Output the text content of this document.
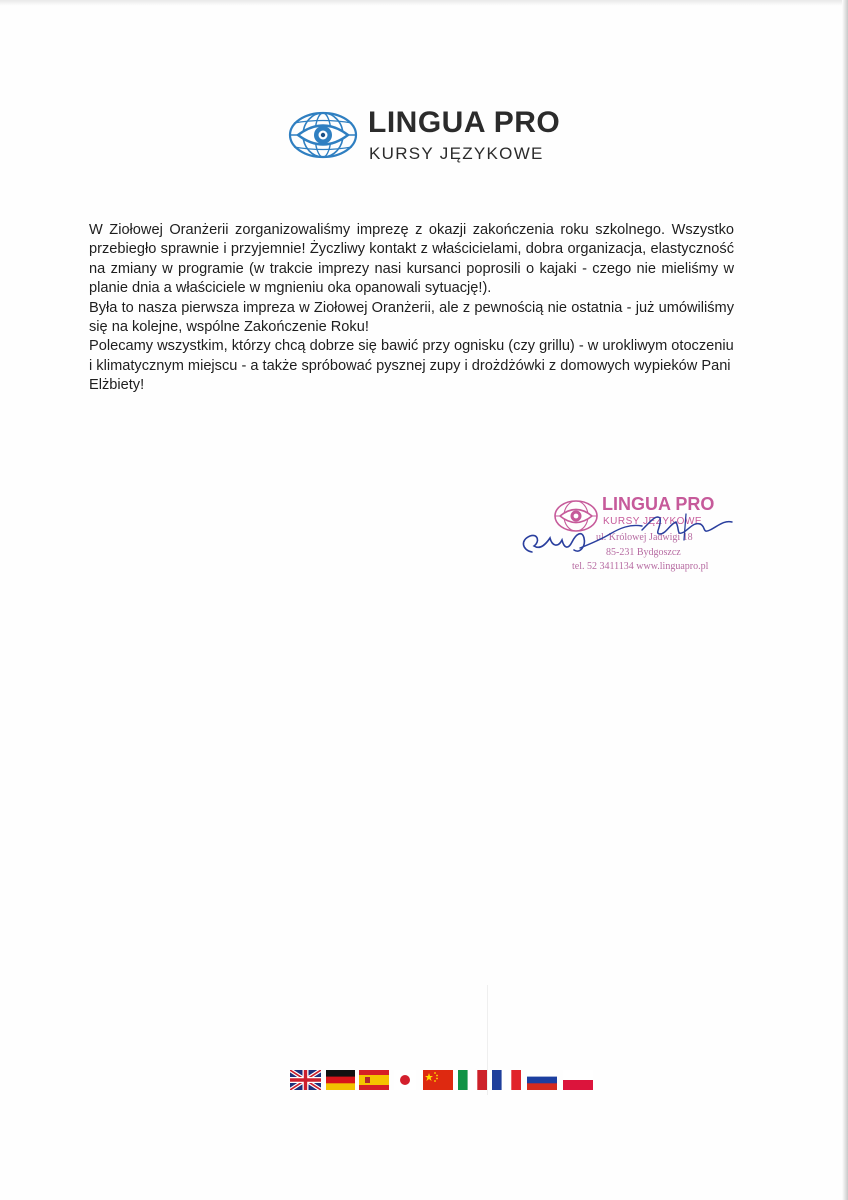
LINGUA PRO
KURSY JĘZYKOWE

W Ziołowej Oranżerii zorganizowaliśmy imprezę z okazji zakończenia roku szkolnego. Wszystko przebiegło sprawnie i przyjemnie! Życzliwy kontakt z właścicielami, dobra organizacja, elastyczność na zmiany w programie (w trakcie imprezy nasi kursanci poprosili o kajaki - czego nie mieliśmy w planie dnia a właściciele w mgnieniu oka opanowali sytuację!).

Była to nasza pierwsza impreza w Ziołowej Oranżerii, ale z pewnością nie ostatnia - już umówiliśmy się na kolejne, wspólne Zakończenie Roku!

Polecamy wszystkim, którzy chcą dobrze się bawić przy ognisku (czy grillu) - w urokliwym otoczeniu i klimatycznym miejscu - a także spróbować pysznej zupy i drożdżówki z domowych wypieków Pani Elżbiety!

LINGUA PRO
KURSY JĘZYKOWE
ul. Królowej Jadwigi 18
85-231 Bydgoszcz
tel. 52 3411134 www.linguapro.pl
